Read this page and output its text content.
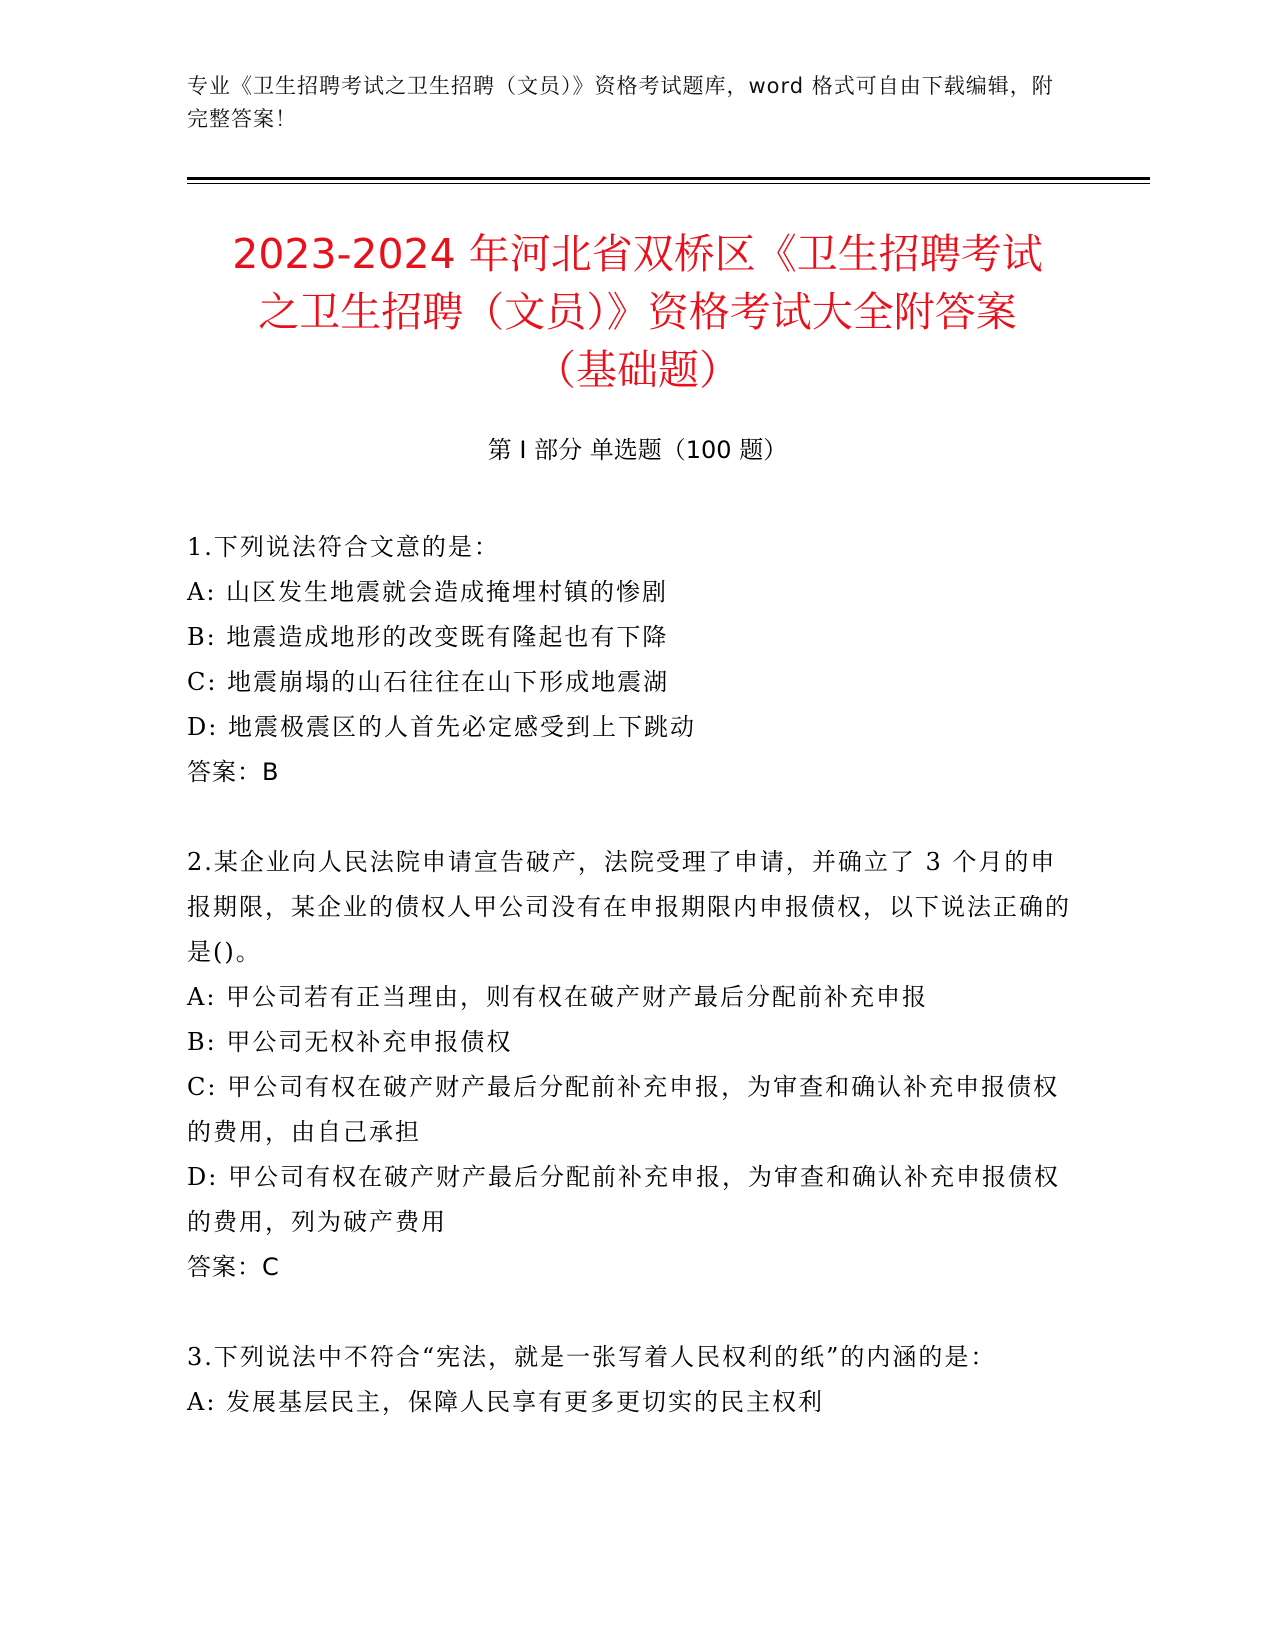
专业《卫生招聘考试之卫生招聘（文员）》资格考试题库，word 格式可自由下载编辑，附完整答案！
2023-2024 年河北省双桥区《卫生招聘考试
之卫生招聘（文员）》资格考试大全附答案
（基础题）
第 I 部分 单选题（100 题）
1.下列说法符合文意的是：
A: 山区发生地震就会造成掩埋村镇的惨剧
B: 地震造成地形的改变既有隆起也有下降
C: 地震崩塌的山石往往在山下形成地震湖
D: 地震极震区的人首先必定感受到上下跳动
答案：B
2.某企业向人民法院申请宣告破产，法院受理了申请，并确立了 3 个月的申报期限，某企业的债权人甲公司没有在申报期限内申报债权，以下说法正确的是()。
A: 甲公司若有正当理由，则有权在破产财产最后分配前补充申报
B: 甲公司无权补充申报债权
C: 甲公司有权在破产财产最后分配前补充申报，为审查和确认补充申报债权的费用，由自己承担
D: 甲公司有权在破产财产最后分配前补充申报，为审查和确认补充申报债权的费用，列为破产费用
答案：C
3.下列说法中不符合“宪法，就是一张写着人民权利的纸”的内涵的是：
A: 发展基层民主，保障人民享有更多更切实的民主权利
